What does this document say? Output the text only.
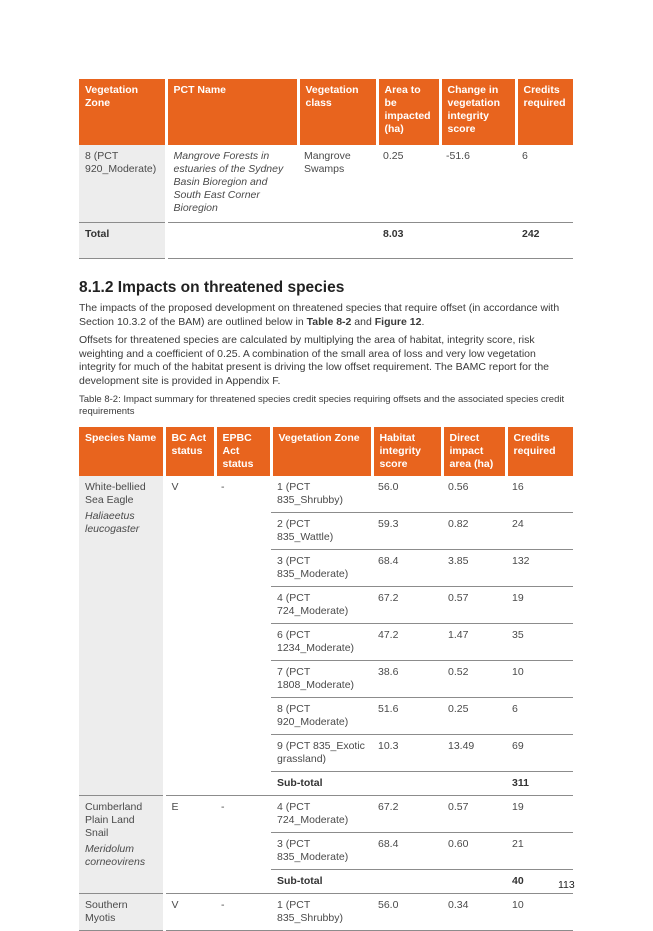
Vegetation Zone	PCT Name	Vegetation class	Area to be impacted (ha)	Change in vegetation integrity score	Credits required
8 (PCT 920_Moderate)	Mangrove Forests in estuaries of the Sydney Basin Bioregion and South East Corner Bioregion	Mangrove Swamps	0.25	-51.6	6
Total			8.03		242
8.1.2 Impacts on threatened species

The impacts of the proposed development on threatened species that require offset (in accordance with Section 10.3.2 of the BAM) are outlined below in Table 8-2 and Figure 12.

Offsets for threatened species are calculated by multiplying the area of habitat, integrity score, risk weighting and a coefficient of 0.25. A combination of the small area of loss and very low vegetation integrity for much of the habitat present is driving the low offset requirement. The BAMC report for the development site is provided in Appendix F.

Table 8-2: Impact summary for threatened species credit species requiring offsets and the associated species credit requirements

Species Name	BC Act status	EPBC Act status	Vegetation Zone	Habitat integrity score	Direct impact area (ha)	Credits required

White-bellied Sea Eagle
Haliaeetus leucogaster	V	-	1 (PCT 835_Shrubby)	56.0	0.56	16
			2 (PCT 835_Wattle)	59.3	0.82	24
			3 (PCT 835_Moderate)	68.4	3.85	132
			4 (PCT 724_Moderate)	67.2	0.57	19
			6 (PCT 1234_Moderate)	47.2	1.47	35
			7 (PCT 1808_Moderate)	38.6	0.52	10
			8 (PCT 920_Moderate)	51.6	0.25	6
			9 (PCT 835_Exotic grassland)	10.3	13.49	69
			Sub-total			311

Cumberland Plain Land Snail
Meridolum corneovirens	E	-	4 (PCT 724_Moderate)	67.2	0.57	19
			3 (PCT 835_Moderate)	68.4	0.60	21
			Sub-total			40
Southern Myotis	V	-	1 (PCT 835_Shrubby)	56.0	0.34	10
113
